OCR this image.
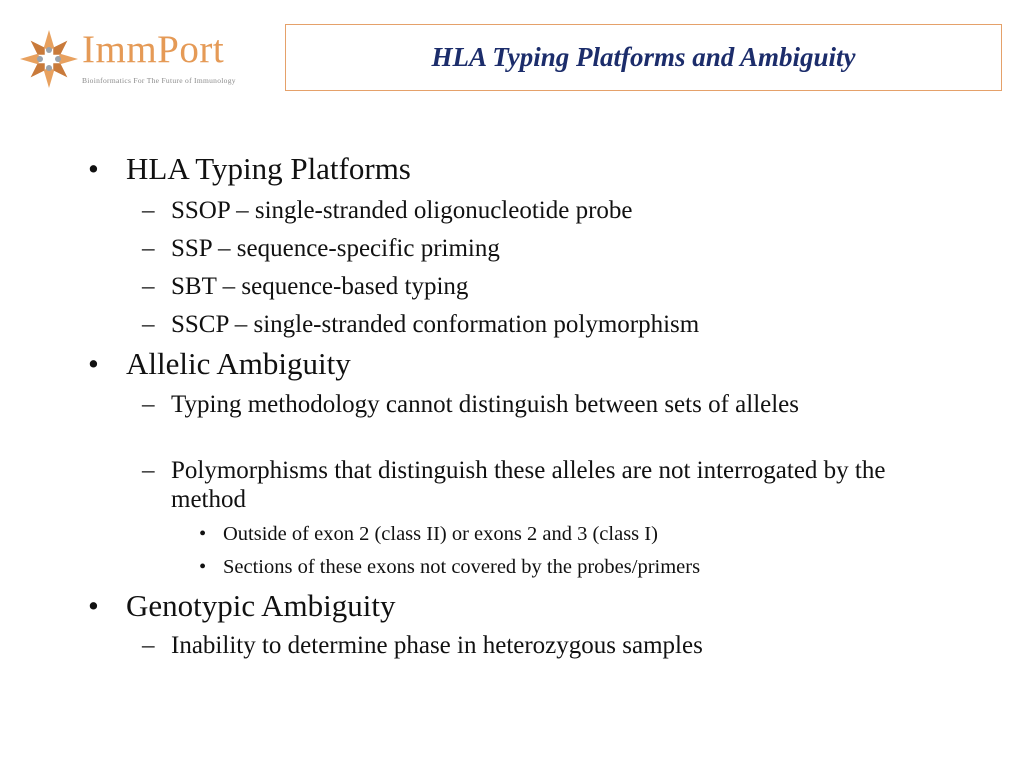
ImmPort
Bioinformatics For The Future of Immunology
HLA Typing Platforms and Ambiguity
• HLA Typing Platforms
– SSOP – single-stranded oligonucleotide probe
– SSP – sequence-specific priming
– SBT – sequence-based typing
– SSCP – single-stranded conformation polymorphism
• Allelic Ambiguity
– Typing methodology cannot distinguish between sets of alleles
– Polymorphisms that distinguish these alleles are not interrogated by the method
• Outside of exon 2 (class II) or exons 2 and 3 (class I)
• Sections of these exons not covered by the probes/primers
• Genotypic Ambiguity
– Inability to determine phase in heterozygous samples
